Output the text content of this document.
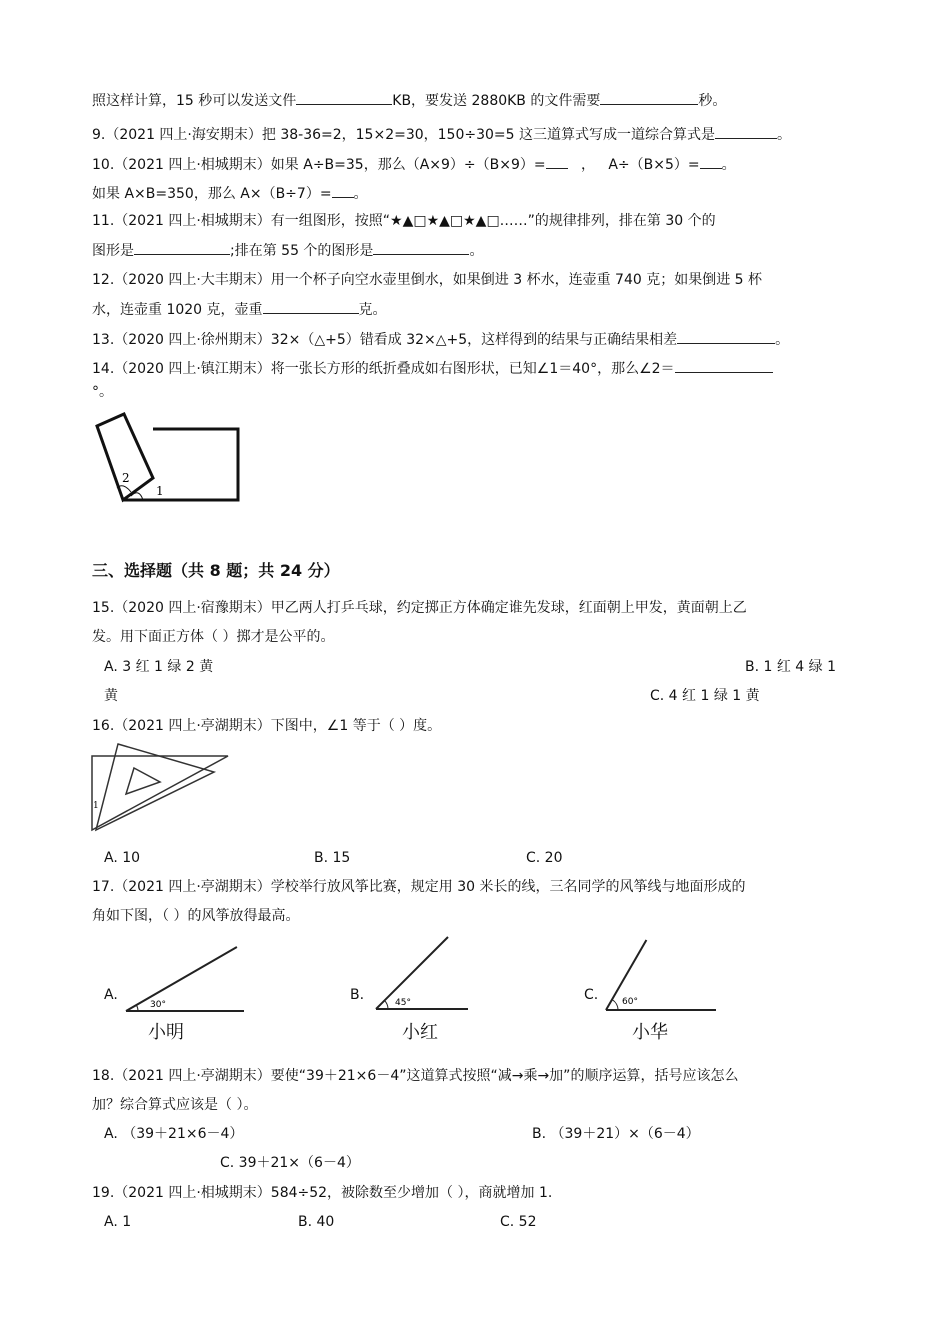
照这样计算，15 秒可以发送文件	KB，要发送 2880KB 的文件需要	秒。
9.（2021 四上·海安期末）把 38-36=2，15×2=30，150÷30=5 这三道算式写成一道综合算式是	。
10.（2021 四上·相城期末）如果 A÷B=35，那么（A×9）÷（B×9）=   ，   A÷（B×5）= 。
如果 A×B=350，那么 A×（B÷7）= 。
11.（2021 四上·相城期末）有一组图形，按照“★▲□★▲□★▲□……”的规律排列，排在第 30 个的
图形是	;排在第 55 个的图形是	。
12.（2020 四上·大丰期末）用一个杯子向空水壶里倒水，如果倒进 3 杯水，连壶重 740 克；如果倒进 5 杯
水，连壶重 1020 克，壶重	克。
13.（2020 四上·徐州期末）32×（△+5）错看成 32×△+5，这样得到的结果与正确结果相差	。
14.（2020 四上·镇江期末）将一张长方形的纸折叠成如右图形状，已知∠1＝40°，那么∠2＝
°。
1
2
三、选择题（共 8 题；共 24 分）
15.（2020 四上·宿豫期末）甲乙两人打乒乓球，约定掷正方体确定谁先发球，红面朝上甲发，黄面朝上乙
发。用下面正方体（ ）掷才是公平的。
A. 3 红 1 绿 2 黄	B. 1 红 4 绿 1
黄	C. 4 红 1 绿 1 黄
16.（2021 四上·亭湖期末）下图中，∠1 等于（ ）度。
1
A. 10	B. 15	C. 20
17.（2021 四上·亭湖期末）学校举行放风筝比赛，规定用 30 米长的线，三名同学的风筝线与地面形成的
角如下图，（ ）的风筝放得最高。
A.
30°
小明
B.	45°
小红
C.	60°
小华
18.（2021 四上·亭湖期末）要使“39＋21×6－4”这道算式按照“减→乘→加”的顺序运算，括号应该怎么
加？综合算式应该是（ ）。
A. （39＋21×6－4）	B. （39＋21）×（6－4）
C. 39＋21×（6－4）
19.（2021 四上·相城期末）584÷52，被除数至少增加（ ），商就增加 1.
A. 1	B. 40	C. 52
